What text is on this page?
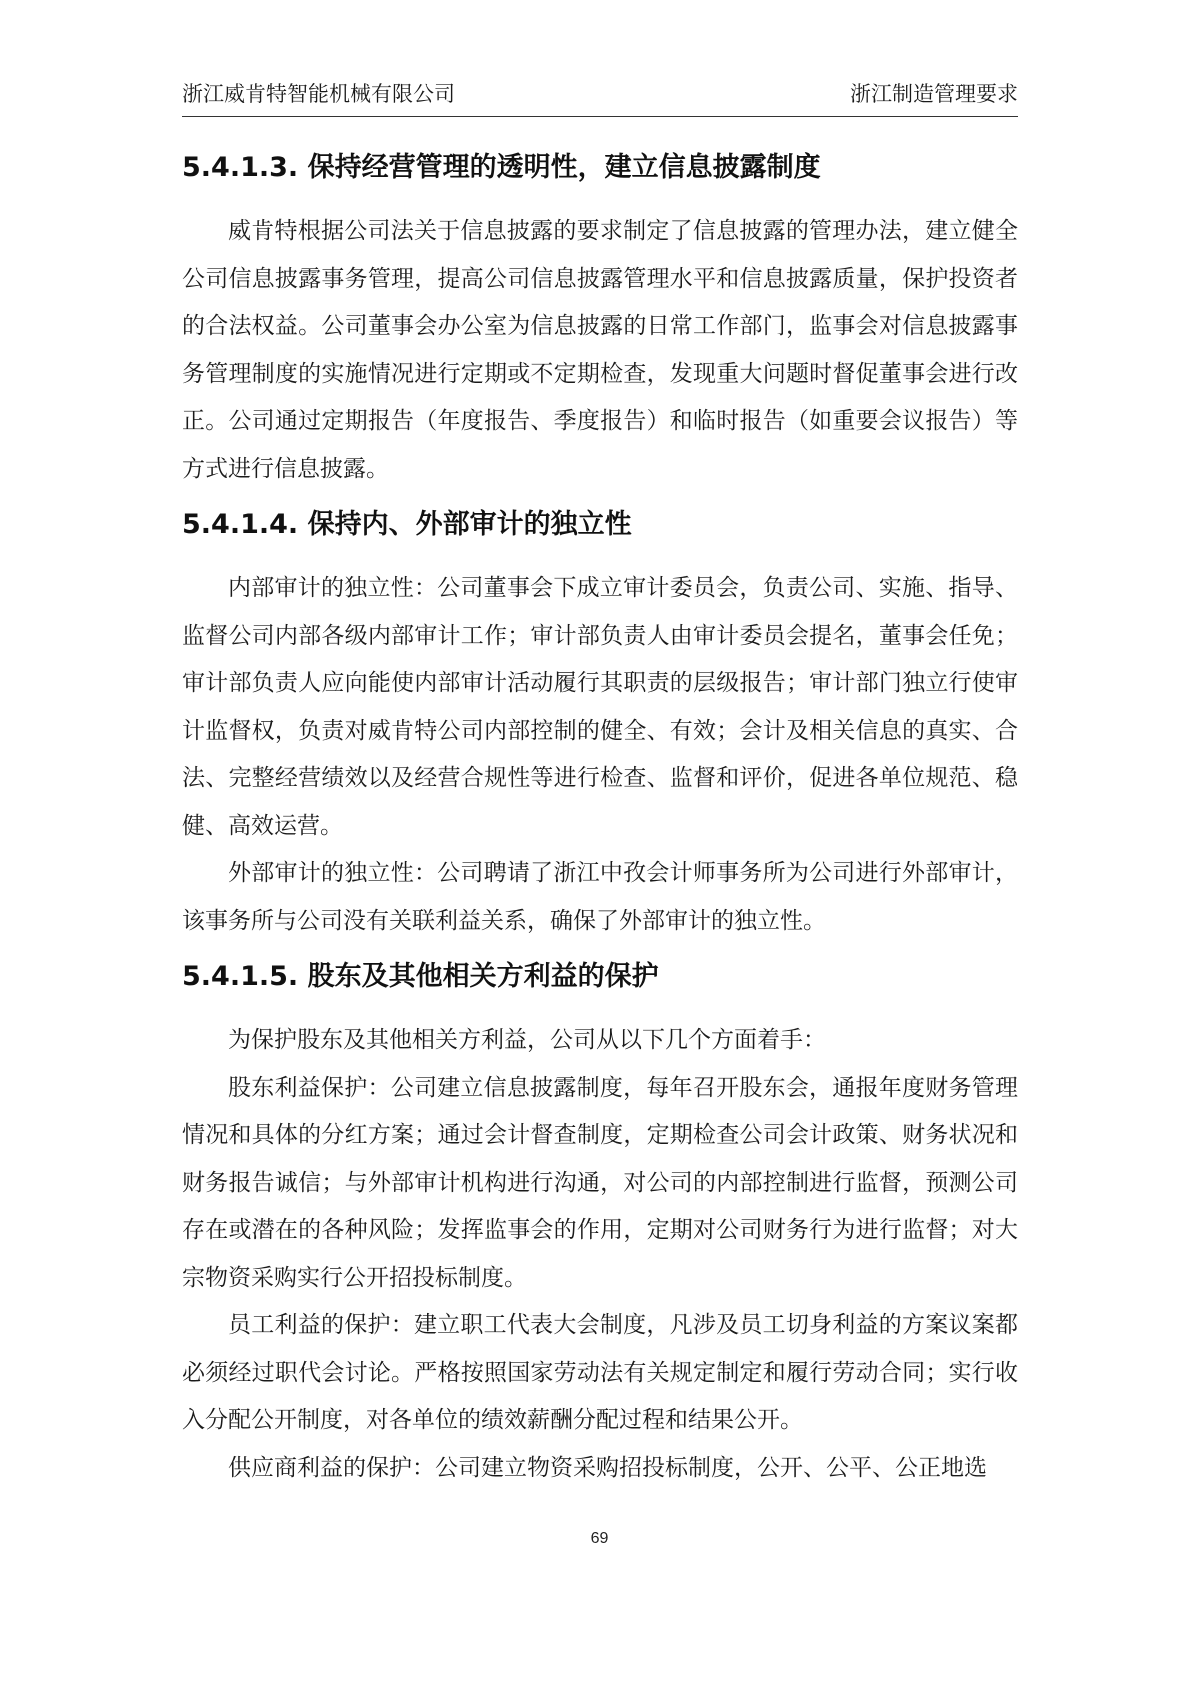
浙江威肯特智能机械有限公司	浙江制造管理要求
5.4.1.3. 保持经营管理的透明性，建立信息披露制度

威肯特根据公司法关于信息披露的要求制定了信息披露的管理办法，建立健全公司信息披露事务管理，提高公司信息披露管理水平和信息披露质量，保护投资者的合法权益。公司董事会办公室为信息披露的日常工作部门，监事会对信息披露事务管理制度的实施情况进行定期或不定期检查，发现重大问题时督促董事会进行改正。公司通过定期报告（年度报告、季度报告）和临时报告（如重要会议报告）等方式进行信息披露。

5.4.1.4. 保持内、外部审计的独立性

内部审计的独立性：公司董事会下成立审计委员会，负责公司、实施、指导、监督公司内部各级内部审计工作；审计部负责人由审计委员会提名，董事会任免；审计部负责人应向能使内部审计活动履行其职责的层级报告；审计部门独立行使审计监督权，负责对威肯特公司内部控制的健全、有效；会计及相关信息的真实、合法、完整经营绩效以及经营合规性等进行检查、监督和评价，促进各单位规范、稳健、高效运营。

外部审计的独立性：公司聘请了浙江中孜会计师事务所为公司进行外部审计，该事务所与公司没有关联利益关系，确保了外部审计的独立性。

5.4.1.5. 股东及其他相关方利益的保护

为保护股东及其他相关方利益，公司从以下几个方面着手：

股东利益保护：公司建立信息披露制度，每年召开股东会，通报年度财务管理情况和具体的分红方案；通过会计督查制度，定期检查公司会计政策、财务状况和财务报告诚信；与外部审计机构进行沟通，对公司的内部控制进行监督，预测公司存在或潜在的各种风险；发挥监事会的作用，定期对公司财务行为进行监督；对大宗物资采购实行公开招投标制度。

员工利益的保护：建立职工代表大会制度，凡涉及员工切身利益的方案议案都必须经过职代会讨论。严格按照国家劳动法有关规定制定和履行劳动合同；实行收入分配公开制度，对各单位的绩效薪酬分配过程和结果公开。

供应商利益的保护：公司建立物资采购招投标制度，公开、公平、公正地选

69
